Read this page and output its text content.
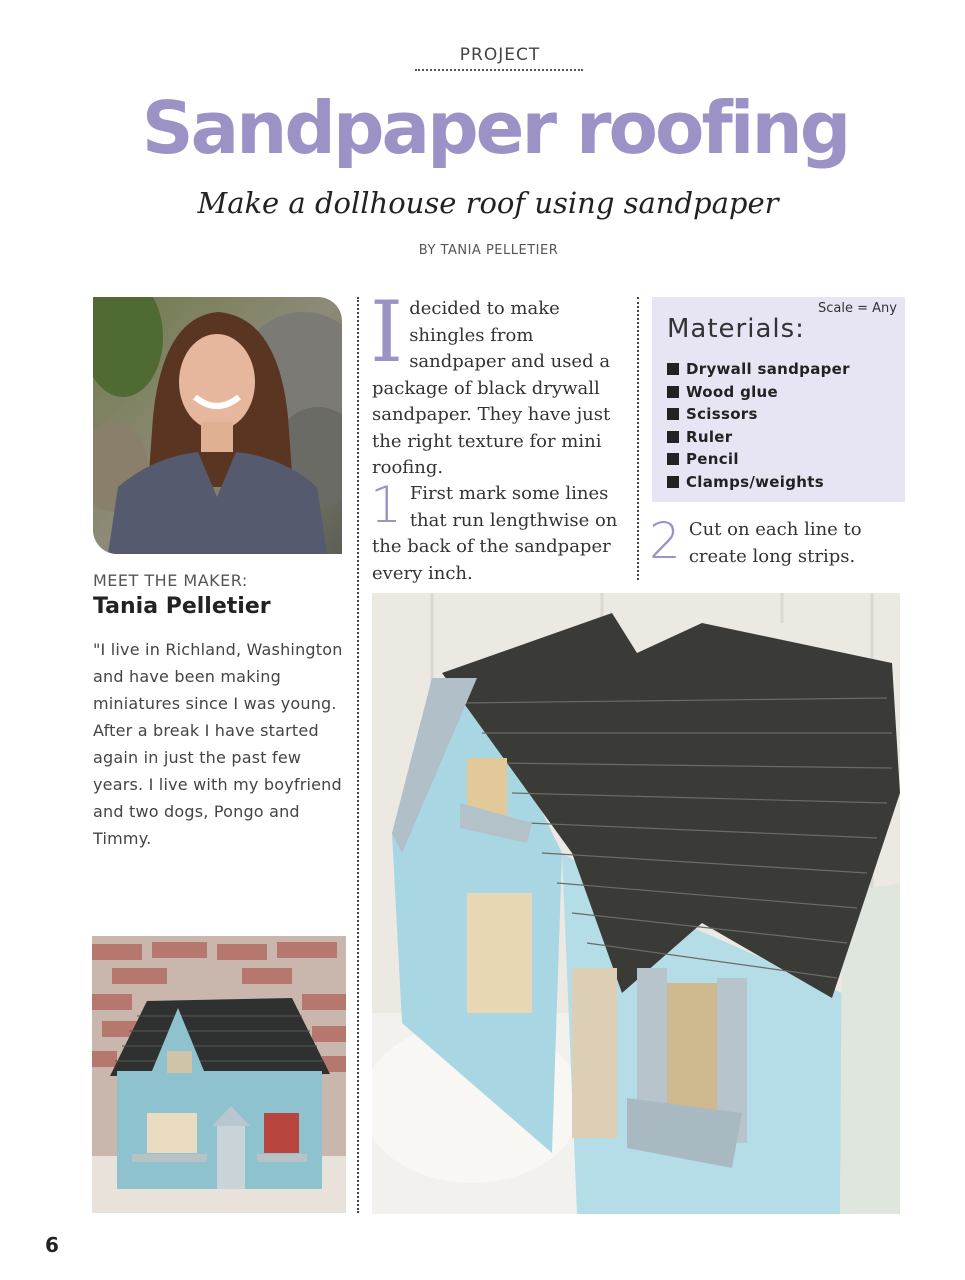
PROJECT
Sandpaper roofing
Make a dollhouse roof using sandpaper
BY TANIA PELLETIER
MEET THE MAKER:
Tania Pelletier

"I live in Richland, Washington and have been making miniatures since I was young. After a break I have started again in just the past few years. I live with my boyfriend and two dogs, Pongo and Timmy.

Idecided to make shingles from sandpaper and used a package of black drywall sandpaper. They have just the right texture for mini roofing.
1 First mark some lines that run lengthwise on the back of the sandpaper every inch.
Scale = Any
Materials:
Drywall sandpaper
Wood glue
Scissors
Ruler
Pencil
Clamps/weights
2 Cut on each line to create long strips.
6
